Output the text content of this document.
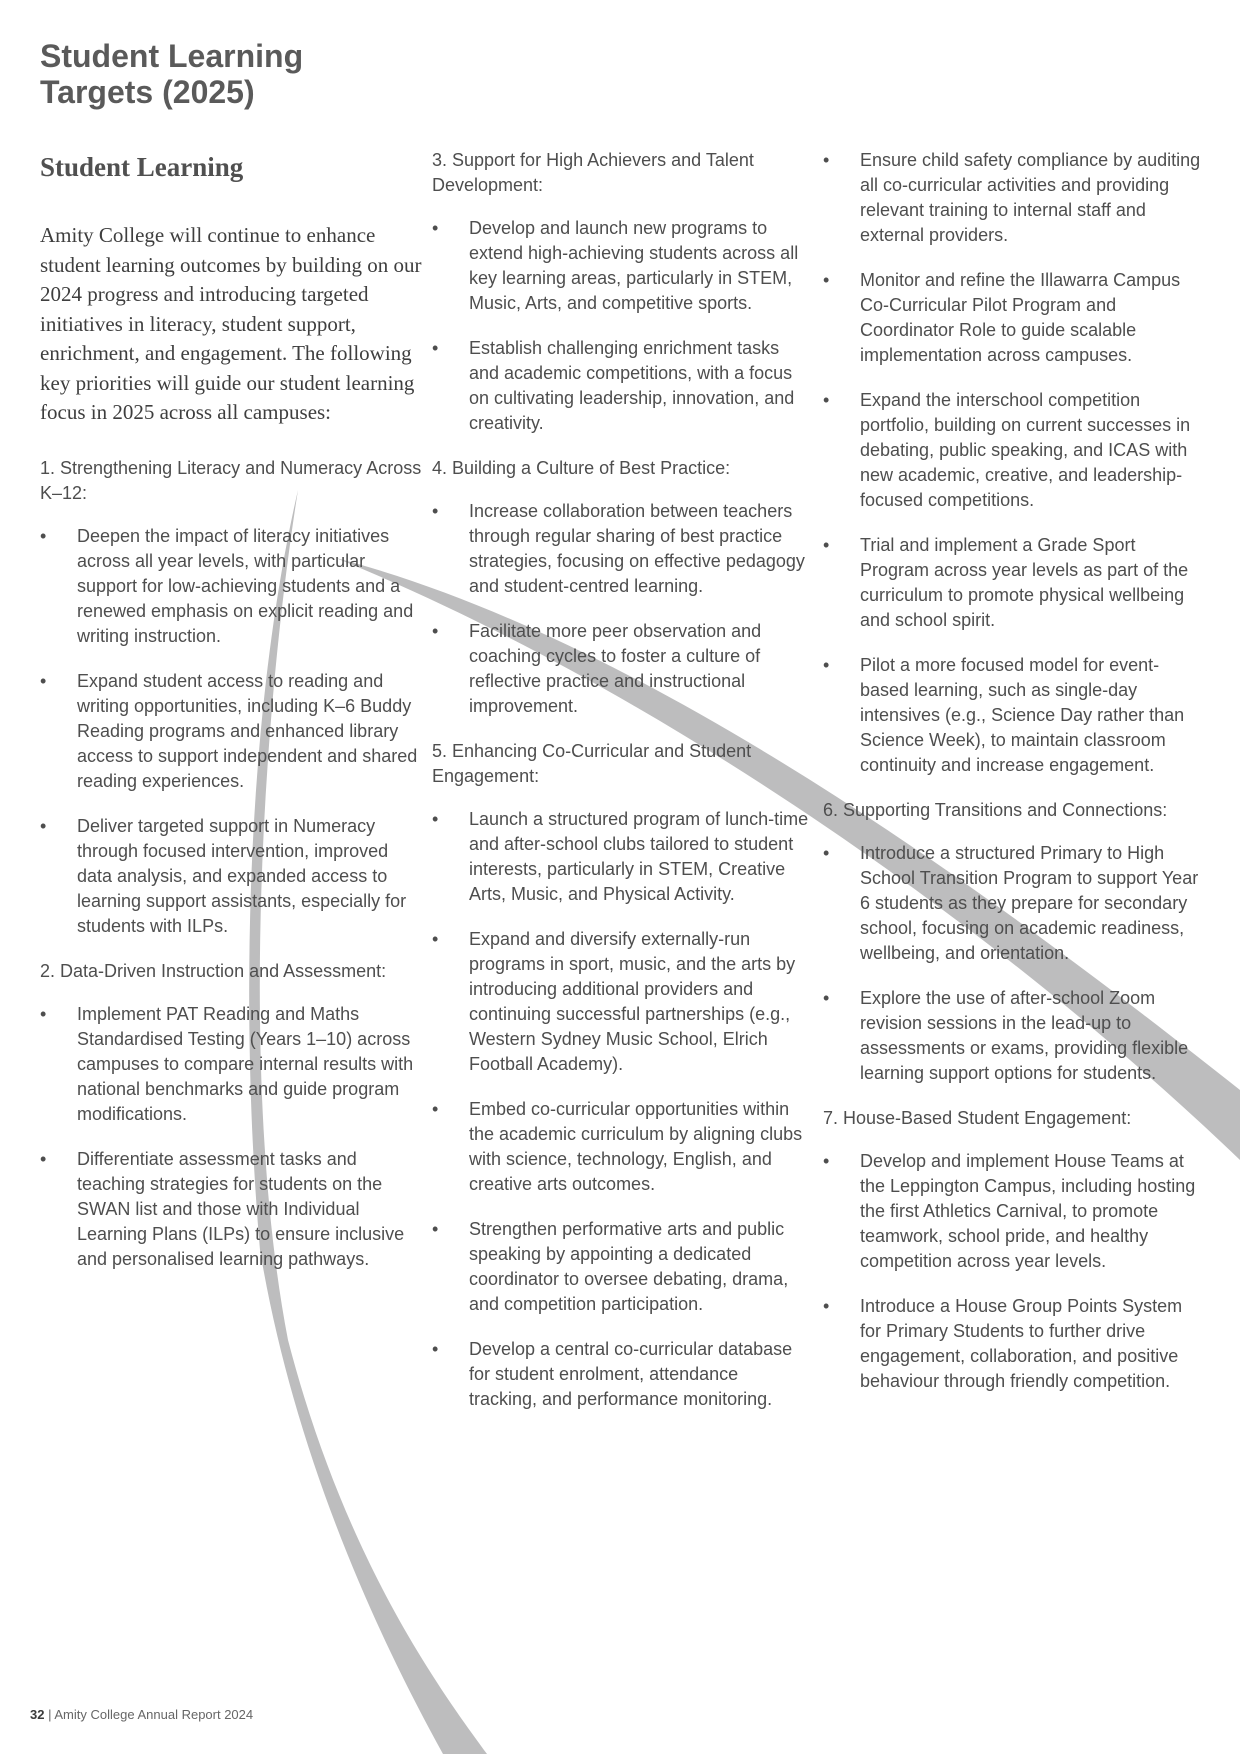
Student Learning Targets (2025)
Student Learning

Amity College will continue to enhance student learning outcomes by building on our 2024 progress and introducing targeted initiatives in literacy, student support, enrichment, and engagement. The following key priorities will guide our student learning focus in 2025 across all campuses:

1. Strengthening Literacy and Numeracy Across K–12:
• Deepen the impact of literacy initiatives across all year levels, with particular support for low-achieving students and a renewed emphasis on explicit reading and writing instruction.
• Expand student access to reading and writing opportunities, including K–6 Buddy Reading programs and enhanced library access to support independent and shared reading experiences.
• Deliver targeted support in Numeracy through focused intervention, improved data analysis, and expanded access to learning support assistants, especially for students with ILPs.
2. Data-Driven Instruction and Assessment:
• Implement PAT Reading and Maths Standardised Testing (Years 1–10) across campuses to compare internal results with national benchmarks and guide program modifications.
• Differentiate assessment tasks and teaching strategies for students on the SWAN list and those with Individual Learning Plans (ILPs) to ensure inclusive and personalised learning pathways.
3. Support for High Achievers and Talent Development:
• Develop and launch new programs to extend high-achieving students across all key learning areas, particularly in STEM, Music, Arts, and competitive sports.
• Establish challenging enrichment tasks and academic competitions, with a focus on cultivating leadership, innovation, and creativity.
4. Building a Culture of Best Practice:
• Increase collaboration between teachers through regular sharing of best practice strategies, focusing on effective pedagogy and student-centred learning.
• Facilitate more peer observation and coaching cycles to foster a culture of reflective practice and instructional improvement.
5. Enhancing Co-Curricular and Student Engagement:
• Launch a structured program of lunch-time and after-school clubs tailored to student interests, particularly in STEM, Creative Arts, Music, and Physical Activity.
• Expand and diversify externally-run programs in sport, music, and the arts by introducing additional providers and continuing successful partnerships (e.g., Western Sydney Music School, Elrich Football Academy).
• Embed co-curricular opportunities within the academic curriculum by aligning clubs with science, technology, English, and creative arts outcomes.
• Strengthen performative arts and public speaking by appointing a dedicated coordinator to oversee debating, drama, and competition participation.
• Develop a central co-curricular database for student enrolment, attendance tracking, and performance monitoring.
• Ensure child safety compliance by auditing all co-curricular activities and providing relevant training to internal staff and external providers.
• Monitor and refine the Illawarra Campus Co-Curricular Pilot Program and Coordinator Role to guide scalable implementation across campuses.
• Expand the interschool competition portfolio, building on current successes in debating, public speaking, and ICAS with new academic, creative, and leadership-focused competitions.
• Trial and implement a Grade Sport Program across year levels as part of the curriculum to promote physical wellbeing and school spirit.
• Pilot a more focused model for event-based learning, such as single-day intensives (e.g., Science Day rather than Science Week), to maintain classroom continuity and increase engagement.
6. Supporting Transitions and Connections:
• Introduce a structured Primary to High School Transition Program to support Year 6 students as they prepare for secondary school, focusing on academic readiness, wellbeing, and orientation.
• Explore the use of after-school Zoom revision sessions in the lead-up to assessments or exams, providing flexible learning support options for students.
7. House-Based Student Engagement:
• Develop and implement House Teams at the Leppington Campus, including hosting the first Athletics Carnival, to promote teamwork, school pride, and healthy competition across year levels.
• Introduce a House Group Points System for Primary Students to further drive engagement, collaboration, and positive behaviour through friendly competition.
32 | Amity College Annual Report 2024
